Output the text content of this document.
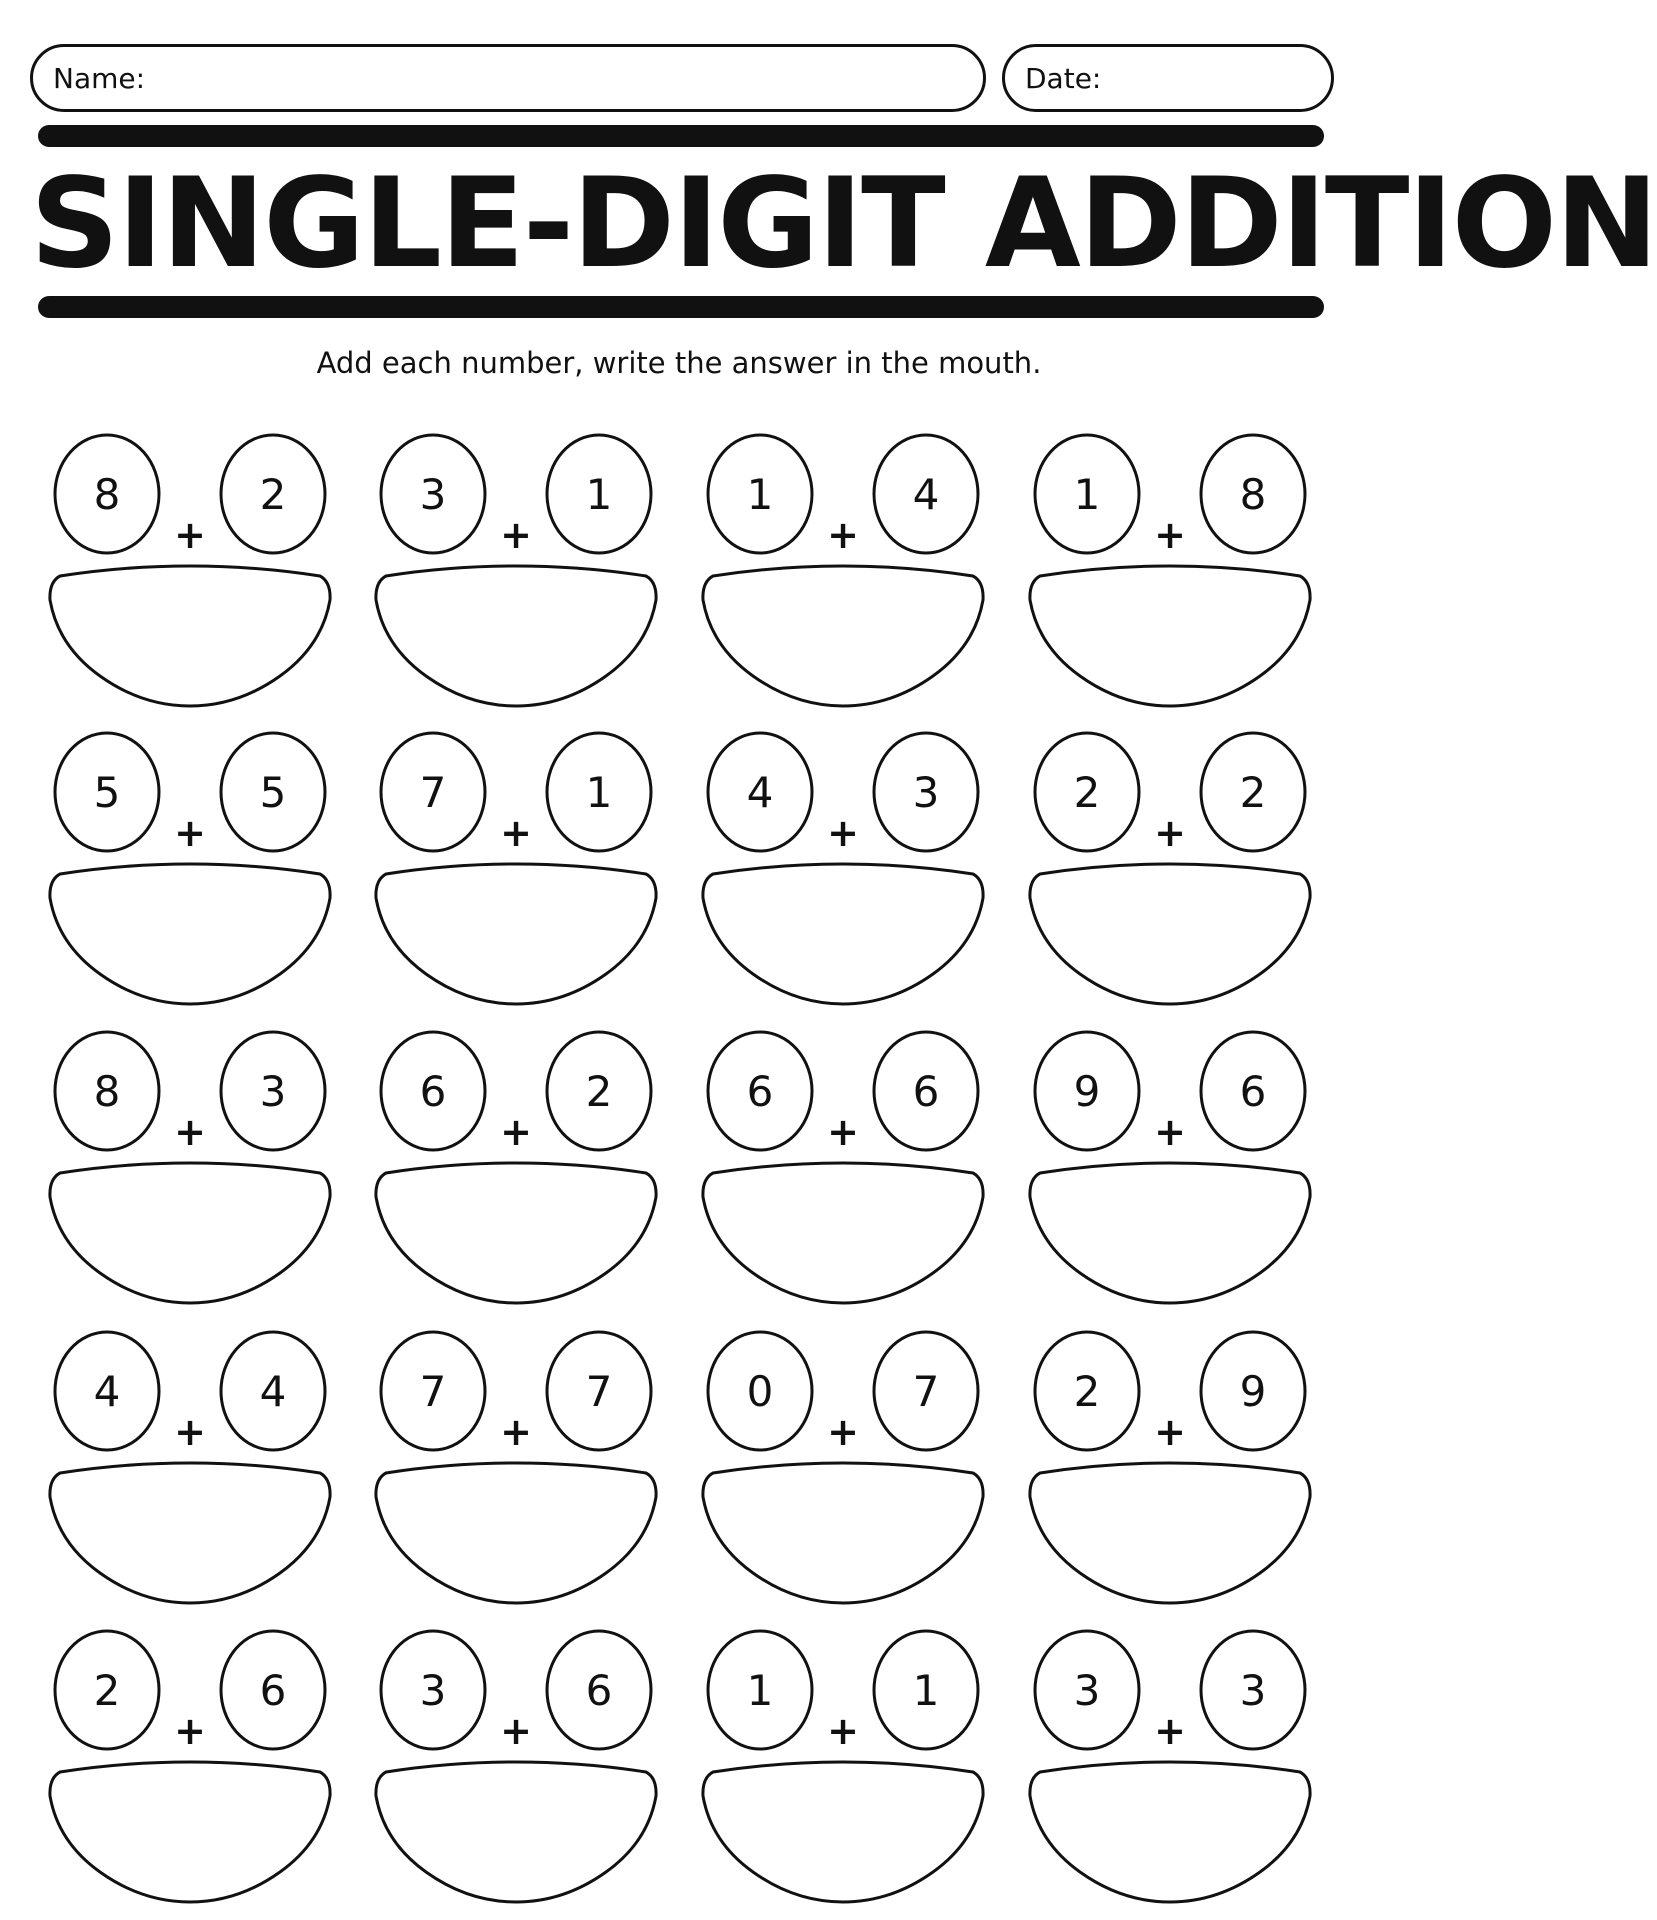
Name:	Date:
SINGLE-DIGIT ADDITION
Add each number, write the answer in the mouth.
8	2
+
3	1
+
1	4
+
1	8
+
5	5
+
7	1
+
4	3
+
2	2
+
8	3
+
6	2
+
6	6
+
9	6
+
4	4
+
7	7
+
0	7
+
2	9
+
2	6
+
3	6
+
1	1
+
3	3
+
